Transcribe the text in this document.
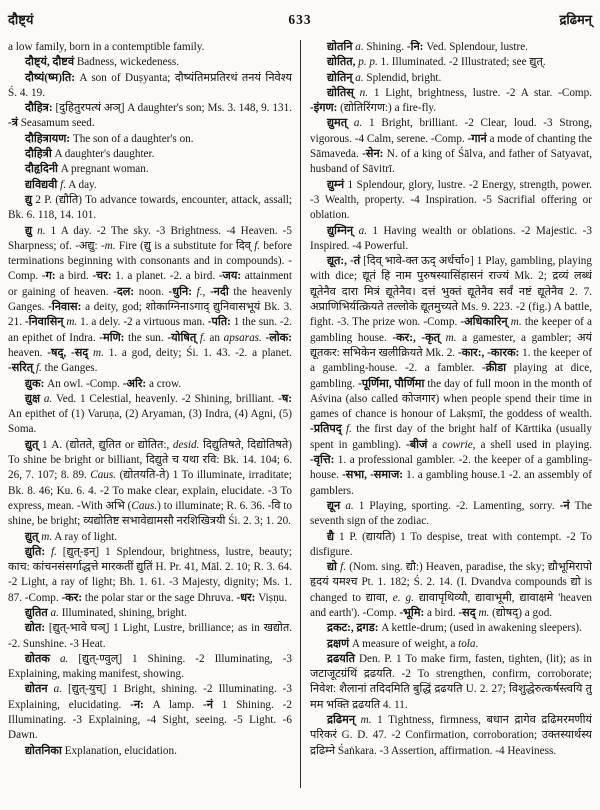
दौष्ट्यं	633	द्रढिमन्

a low family, born in a contemptible family.

दौष्ट्यं, दौष्टवं Badness, wickedeness.

दौष्यं(ष्म)ति: A son of Duṣyanta; दौष्यंतिमप्रतिरथं तनयं निवेश्य Ś. 4. 19.

दौहित्र: [दुहितुरपत्यं अञ्] A daughter's son; Ms. 3. 148, 9. 131. -त्रं Seasamum seed.

दौहित्रायण: The son of a daughter's on.

दौहित्री A daughter's daughter.

दौहृदिनी A pregnant woman.

द्यविद्यवी f. A day.

द्यु 2 P. (द्यौति) To advance towards, encounter, attack, assall; Bk. 6. 118, 14. 101.

द्यु n. 1 A day. -2 The sky. -3 Brightness. -4 Heaven. -5 Sharpness; of. -अद्यु: -m. Fire (द्यु is a substitute for दिव् f. before terminations beginning with consonants and in compounds). -Comp. -ग: a bird. -चर: 1. a planet. -2. a bird. -जय: attainment or gaining of heaven. -दल: noon. -धुनि: f., -नदी the heavenly Ganges. -निवास: a deity, god; शोकाग्निनाऽगाद् द्युनिवासभूयं Bk. 3. 21. -निवासिन् m. 1. a dely. -2 a virtuous man. -पति: 1 the sun. -2. an epithet of Indra. -मणि: the sun. -योषित् f. an apsaras. -लोक: heaven. -षद्, -सद् m. 1. a god, deity; Śi. 1. 43. -2. a planet. -सरित् f. the Ganges.

द्युक: An owl. -Comp. -अरि: a crow.

द्युक्ष a. Ved. 1 Celestial, heavenly. -2 Shining, brilliant. -ष: An epithet of (1) Varuṇa, (2) Aryaman, (3) Indra, (4) Agni, (5) Soma.

द्युत् 1 A. (द्योतते, द्युतित or द्योतित:, desid. दिद्युतिषते, दिद्योतिषते) To shine be bright or billiant, दिद्युते च यथा रवि: Bk. 14. 104; 6. 26, 7. 107; 8. 89. Caus. (द्योतयति-ते) 1 To illuminate, irraditate; Bk. 8. 46; Ku. 6. 4. -2 To make clear, explain, elucidate. -3 To express, mean. -With अभि (Caus.) to illuminate; R. 6. 36. -वि to shine, be bright; व्यद्योतिष्ट सभावेद्यामसौ नरशिखित्रयी Śi. 2. 3; 1. 20.

द्युत् m. A ray of light.

द्युति: f. [द्युत्-इन्] 1 Splendour, brightness, lustre, beauty; काच: कांचनसंसर्गाद्धत्ते मारकतीं द्युतिं H. Pr. 41, Māl. 2. 10; R. 3. 64. -2 Light, a ray of light; Bh. 1. 61. -3 Majesty, dignity; Ms. 1. 87. -Comp. -कर: the polar star or the sage Dhruva. -धर: Viṣṇu.

द्युतित a. Illuminated, shining, bright.

द्योत: [द्युत्-भावे घञ्] 1 Light, Lustre, brilliance; as in खद्योत. -2. Sunshine. -3 Heat.

द्योतक a. [द्युत्-ण्वुल्] 1 Shining. -2 Illuminating, -3 Explaining, making manifest, showing.

द्योतन a. [द्युत्-युच्] 1 Bright, shining. -2 Illuminating. -3 Explaining, elucidating. -न: A lamp. -नं 1 Shining. -2 Illuminating. -3 Explaining, -4 Sight, seeing. -5 Light. -6 Dawn.

द्योतनिका Explanation, elucidation.

द्योतनि a. Shining. -नि: Ved. Splendour, lustre.

द्योतित, p. p. 1. Illuminated. -2 Illustrated; see द्युत्.

द्योतिन् a. Splendid, bright.

द्योतिस् n. 1 Light, brightness, lustre. -2 A star. -Comp. -इंगण: (द्योतिरिंगण:) a fire-fly.

द्युमत् a. 1 Bright, brilliant. -2 Clear, loud. -3 Strong, vigorous. -4 Calm, serene. -Comp. -गानं a mode of chanting the Sāmaveda. -सेन: N. of a king of Śālva, and father of Satyavat, husband of Sāvitrī.

द्युम्नं 1 Splendour, glory, lustre. -2 Energy, strength, power. -3 Wealth, property. -4 Inspiration. -5 Sacrifial offering or oblation.

द्युम्निन् a. 1 Having wealth or oblations. -2 Majestic. -3 Inspired. -4 Powerful.

द्यूत:, -तं [दिव् भावे-क्त ऊद् अर्धर्चा०] 1 Play, gambling, playing with dice; द्यूतं हि नाम पुरुषस्यासिंहासनं राज्यं Mk. 2; द्रव्यं लब्धं द्यूतेनैव दारा मित्रं द्यूतेनैव। दत्तं भुक्तं द्यूतेनैव सर्वं नष्टं द्यूतेनैव 2. 7. अप्राणिभिर्यत्क्रियते तल्लोके द्यूतमुच्यते Ms. 9. 223. -2 (fig.) A battle, fight. -3. The prize won. -Comp. -अधिकारिन् m. the keeper of a gambling house. -कर:, -कृत् m. a gamester, a gambler; अयं द्यूतकर: सभिकेन खलीक्रियते Mk. 2. -कार:, -कारक: 1. the keeper of a gambling-house. -2. a fambler. -क्रीडा playing at dice, gambling. -पूर्णिमा, पौर्णिमा the day of full moon in the month of Aśvina (also called कोजगार) when people spend their time in games of chance is honour of Lakṣmī, the goddess of wealth. -प्रतिपद् f. the first day of the bright half of Kārttika (usually spent in gambling). -बीजं a cowrie, a shell used in playing. -वृत्ति: 1. a professional gambler. -2. the keeper of a gambling-house. -सभा, -समाज: 1. a gambling house.1 -2. an assembly of gamblers.

द्यून a. 1 Playing, sporting. -2. Lamenting, sorry. -नं The seventh sign of the zodiac.

द्यै 1 P. (द्यायति) 1 To despise, treat with contempt. -2 To disfigure.

द्यो f. (Nom. sing. द्यौ:) Heaven, paradise, the sky; द्यौभूमिरापो हृदयं यमश्च Pt. 1. 182; Ś. 2. 14. (I. Dvandva compounds द्यो is changed to द्यावा, e. g. द्यावापृथिव्यौ, द्यावाभूमी, द्यावाक्षमे 'heaven and earth'). -Comp. -भूमि: a bird. -सद् m. (द्योषद्) a god.

द्रकट:, द्रगड: A kettle-drum; (used in awakening sleepers).

द्रक्षणं A measure of weight, a tola.

द्रढयति Den. P. 1 To make firm, fasten, tighten, (lit); as in जटाजूटग्रंथिं द्रढयति. -2 To strengthen, confirm, corroborate; निवेश: शैलानां तदिदमिति बुद्धिं द्रढयति U. 2. 27; विशुद्धेरुत्कर्षस्त्वयि तु मम भक्ति द्रढयति 4. 11.

द्रढिमन् m. 1 Tightness, firmness, बधान द्रागेव द्रढिमरमणीयं परिकरं G. D. 47. -2 Confirmation, corroboration; उक्तस्यार्थस्य द्रढिम्ने Śaṅkara. -3 Assertion, affirmation. -4 Heaviness.
